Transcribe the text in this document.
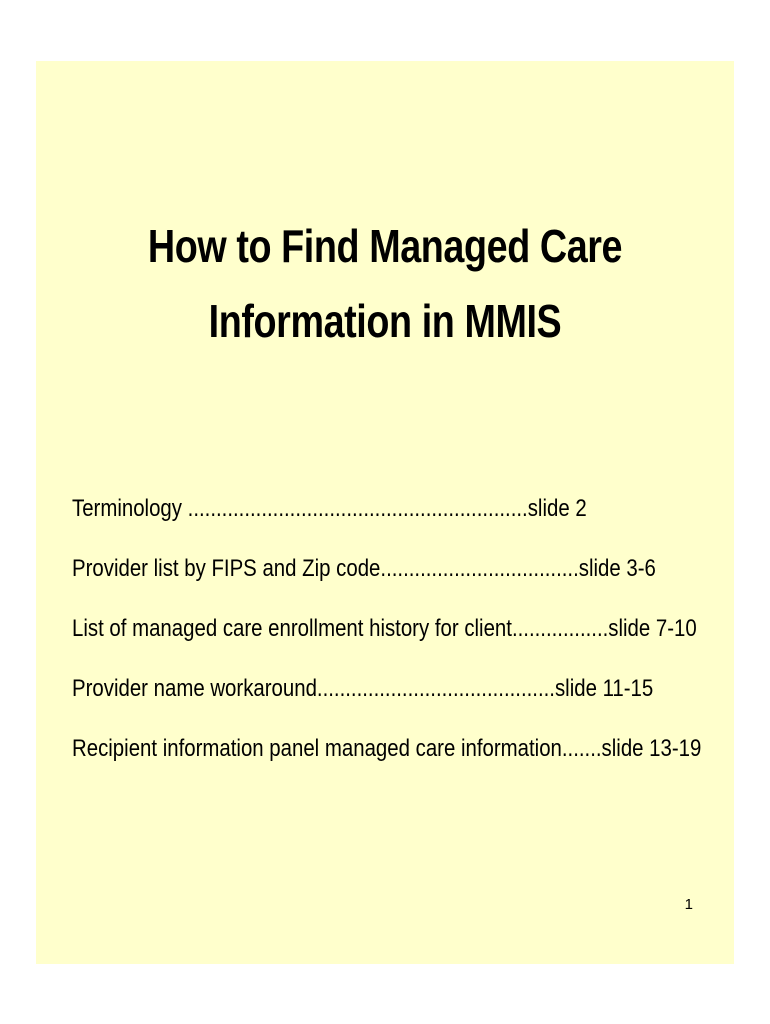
How to Find Managed Care
Information in MMIS
Terminology ............................................................slide 2
Provider list by FIPS and Zip code...................................slide 3-6
List of managed care enrollment history for client.................slide 7-10
Provider name workaround..........................................slide 11-15
Recipient information panel managed care information.......slide 13-19
1
